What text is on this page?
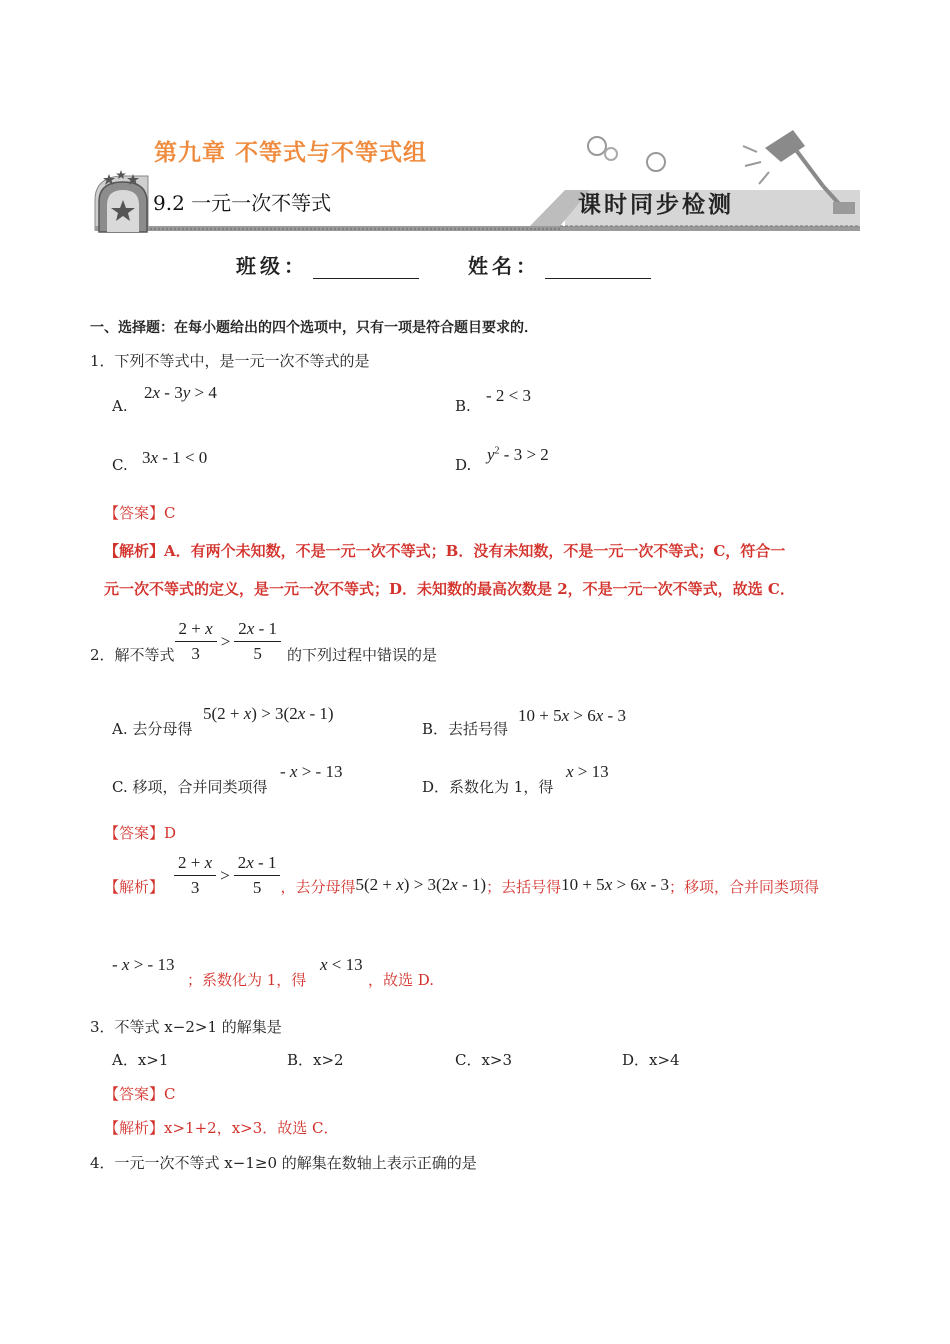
第九章 不等式与不等式组
9.2 一元一次不等式	课时同步检测
班级：	姓名：
一、选择题：在每小题给出的四个选项中，只有一项是符合题目要求的．
1．下列不等式中，是一元一次不等式的是
A.
2x - 3y > 4
B.
- 2 < 3
C. 3x - 1 < 0	D.
$y^2 - 3 > 2$
【答案】C
【解析】A．有两个未知数，不是一元一次不等式；B．没有未知数，不是一元一次不等式；C，符合一
元一次不等式的定义，是一元一次不等式；D．未知数的最高次数是 2，不是一元一次不等式，故选 C．
2．解不等式 $\frac{2 + x}{3} > \frac{2x - 1}{5}$ 的下列过程中错误的是
A. 去分母得
5(2 + x) > 3(2x - 1)
B．去括号得
10 + 5x > 6x - 3
C. 移项，合并同类项得
- x > - 13
D．系数化为 1，得
x > 13
【答案】D
【解析】 $\frac{2 + x}{3} > \frac{2x - 1}{5}$ ，去分母得 5(2 + x) > 3(2x - 1) ；去括号得 10 + 5x > 6x - 3 ；移项，合并同类项得
- x > - 13
；系数化为 1，得
x < 13
，故选 D.
3．不等式 x−2>1 的解集是
A．x>1	B．x>2	C．x>3	D．x>4
【答案】C
【解析】x>1+2，x>3．故选 C．
4．一元一次不等式 x−1≥0 的解集在数轴上表示正确的是
